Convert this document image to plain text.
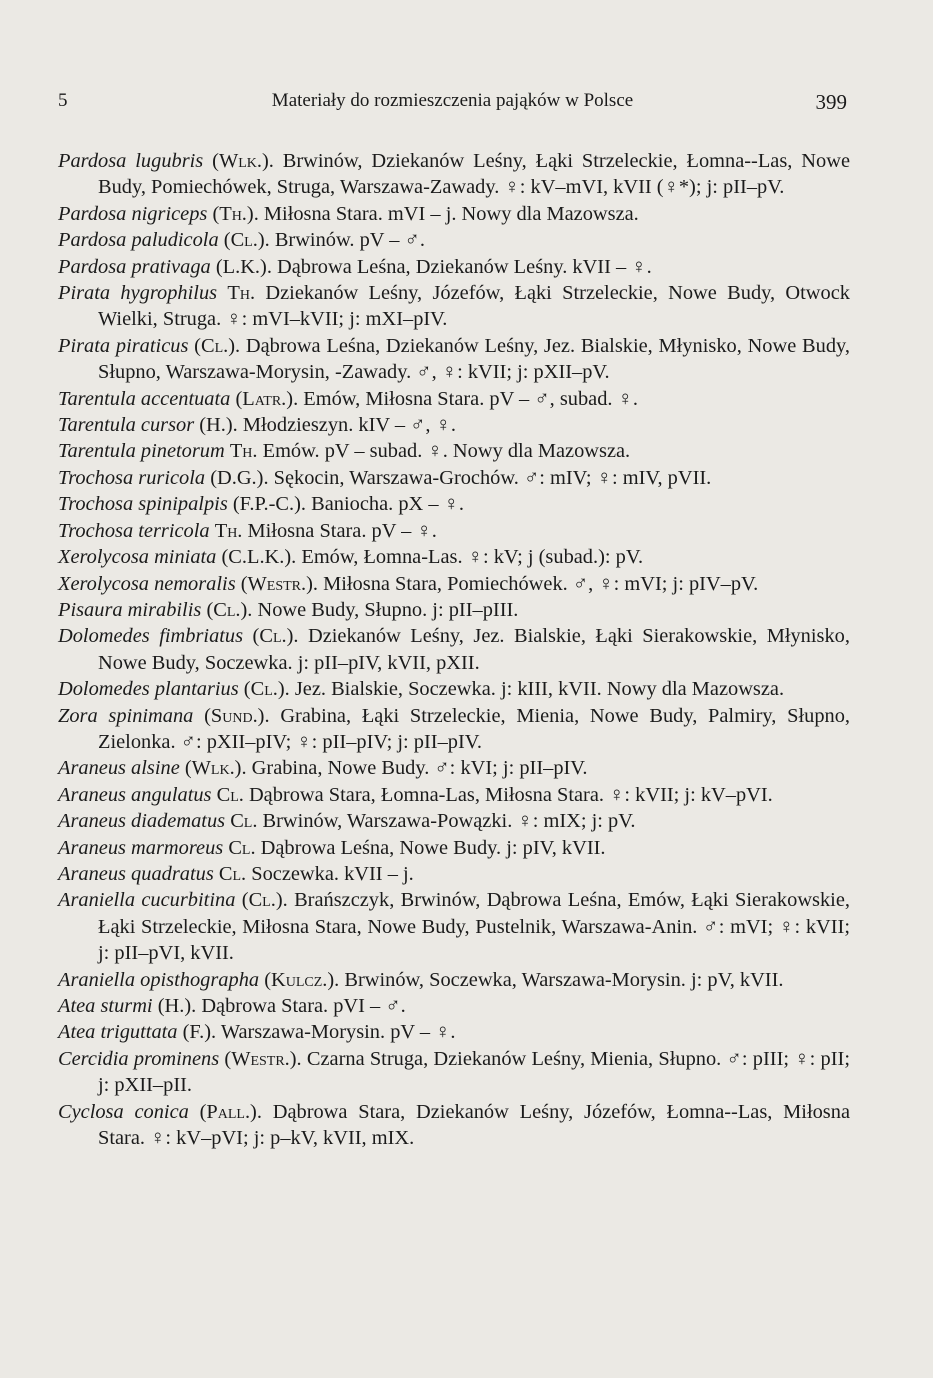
5	Materiały do rozmieszczenia pająków w Polsce	399

Pardosa lugubris (Wlk.). Brwinów, Dziekanów Leśny, Łąki Strzeleckie, Łomna--Las, Nowe Budy, Pomiechówek, Struga, Warszawa-Zawady. ♀: kV–mVI, kVII (♀*); j: pII–pV.

Pardosa nigriceps (Th.). Miłosna Stara. mVI – j. Nowy dla Mazowsza.

Pardosa paludicola (Cl.). Brwinów. pV – ♂.

Pardosa prativaga (L.K.). Dąbrowa Leśna, Dziekanów Leśny. kVII – ♀.

Pirata hygrophilus Th. Dziekanów Leśny, Józefów, Łąki Strzeleckie, Nowe Budy, Otwock Wielki, Struga. ♀: mVI–kVII; j: mXI–pIV.

Pirata piraticus (Cl.). Dąbrowa Leśna, Dziekanów Leśny, Jez. Bialskie, Młynisko, Nowe Budy, Słupno, Warszawa-Morysin, -Zawady. ♂, ♀: kVII; j: pXII–pV.

Tarentula accentuata (Latr.). Emów, Miłosna Stara. pV – ♂, subad. ♀.

Tarentula cursor (H.). Młodzieszyn. kIV – ♂, ♀.

Tarentula pinetorum Th. Emów. pV – subad. ♀. Nowy dla Mazowsza.

Trochosa ruricola (D.G.). Sękocin, Warszawa-Grochów. ♂: mIV; ♀: mIV, pVII.

Trochosa spinipalpis (F.P.-C.). Baniocha. pX – ♀.

Trochosa terricola Th. Miłosna Stara. pV – ♀.

Xerolycosa miniata (C.L.K.). Emów, Łomna-Las. ♀: kV; j (subad.): pV.

Xerolycosa nemoralis (Westr.). Miłosna Stara, Pomiechówek. ♂, ♀: mVI; j: pIV–pV.

Pisaura mirabilis (Cl.). Nowe Budy, Słupno. j: pII–pIII.

Dolomedes fimbriatus (Cl.). Dziekanów Leśny, Jez. Bialskie, Łąki Sierakowskie, Młynisko, Nowe Budy, Soczewka. j: pII–pIV, kVII, pXII.

Dolomedes plantarius (Cl.). Jez. Bialskie, Soczewka. j: kIII, kVII. Nowy dla Mazowsza.

Zora spinimana (Sund.). Grabina, Łąki Strzeleckie, Mienia, Nowe Budy, Palmiry, Słupno, Zielonka. ♂: pXII–pIV; ♀: pII–pIV; j: pII–pIV.

Araneus alsine (Wlk.). Grabina, Nowe Budy. ♂: kVI; j: pII–pIV.

Araneus angulatus Cl. Dąbrowa Stara, Łomna-Las, Miłosna Stara. ♀: kVII; j: kV–pVI.

Araneus diadematus Cl. Brwinów, Warszawa-Powązki. ♀: mIX; j: pV.

Araneus marmoreus Cl. Dąbrowa Leśna, Nowe Budy. j: pIV, kVII.

Araneus quadratus Cl. Soczewka. kVII – j.

Araniella cucurbitina (Cl.). Brańszczyk, Brwinów, Dąbrowa Leśna, Emów, Łąki Sierakowskie, Łąki Strzeleckie, Miłosna Stara, Nowe Budy, Pustelnik, Warszawa-Anin. ♂: mVI; ♀: kVII; j: pII–pVI, kVII.

Araniella opisthographa (Kulcz.). Brwinów, Soczewka, Warszawa-Morysin. j: pV, kVII.

Atea sturmi (H.). Dąbrowa Stara. pVI – ♂.

Atea triguttata (F.). Warszawa-Morysin. pV – ♀.

Cercidia prominens (Westr.). Czarna Struga, Dziekanów Leśny, Mienia, Słupno. ♂: pIII; ♀: pII; j: pXII–pII.

Cyclosa conica (Pall.). Dąbrowa Stara, Dziekanów Leśny, Józefów, Łomna--Las, Miłosna Stara. ♀: kV–pVI; j: p–kV, kVII, mIX.
